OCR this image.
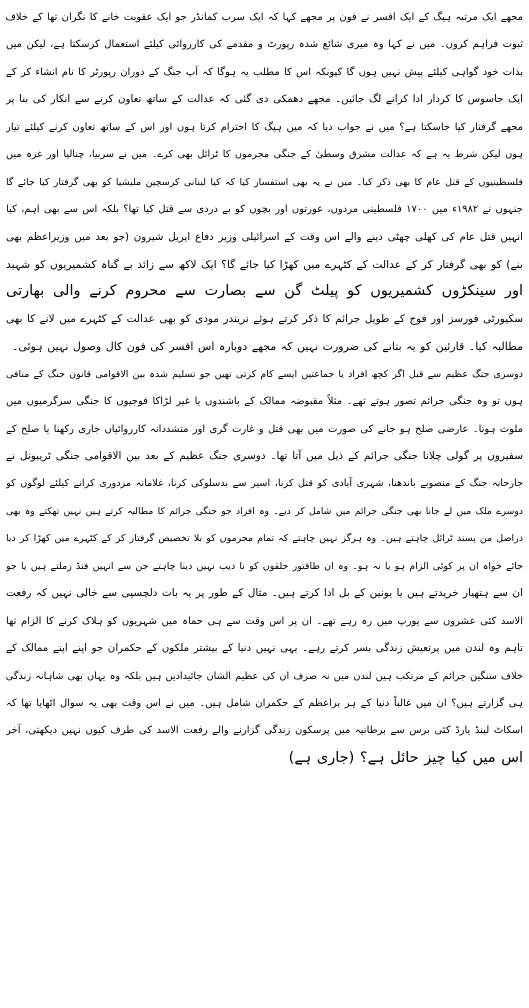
مجھے ایک مرتبہ ہیگ کے ایک افسر نے فون پر مجھے کہا کہ ایک سرب کمانڈر جو ایک عقوبت خانے کا نگران تھا کے خلاف
ثبوت فراہم کروں۔ میں نے کہا وہ میری شائع شدہ رپورٹ و مقدمے کی کارروائی کیلئے استعمال کرسکتا ہے، لیکن میں
بذات خود گواہی کیلئے پیش نہیں ہوں گا کیونکہ اس کا مطلب یہ ہوگا کہ آپ جنگ کے دوران رپورٹر کا نام انشاء کر کے
ایک جاسوس کا کردار ادا کرانے لگ جائیں۔ مجھے دھمکی دی گئی کہ عدالت کے ساتھ تعاون کرنے سے انکار کی بنا پر
مجھے گرفتار کیا جاسکتا ہے؟ میں نے جواب دیا کہ میں ہیگ کا احترام کرتا ہوں اور اس کے ساتھ تعاون کرنے کیلئے تیار
ہوں لیکن شرط یہ ہے کہ عدالت مشرق وسطیٰ کے جنگی مجرموں کا ٹرائل بھی کرے۔ میں نے سربیا، چنالیا اور غزہ میں
فلسطینیوں کے قتل عام کا بھی ذکر کیا۔ میں نے یہ بھی استفسار کیا کہ کیا لبنانی کرسچین ملیشیا کو بھی گرفتار کیا جائے گا
جنہوں نے ۱۹۸۲ء میں ۱۷۰۰ فلسطینی مردوں، عورتوں اور بچوں کو بے دردی سے قتل کیا تھا؟ بلکہ اس سے بھی اہم، کیا
انہیں قتل عام کی کھلی چھٹی دینے والے اس وقت کے اسرائیلی وزیر دفاع ایریل شیرون (جو بعد میں وزیراعظم بھی
بنے) کو بھی گرفتار کر کے عدالت کے کٹہرے میں کھڑا کیا جائے گا؟ ایک لاکھ سے زائد بے گناہ کشمیریوں کو شہید
اور سینکڑوں کشمیریوں کو پیلٹ گن سے بصارت سے محروم کرنے والی بھارتی
سکیورٹی فورسز اور فوج کے طویل جرائم کا ذکر کرتے ہوئے نریندر مودی کو بھی عدالت کے کٹہرے میں لانے کا بھی
مطالبہ کیا۔ قارئین کو یہ بتانے کی ضرورت نہیں کہ مجھے دوبارہ اس افسر کی فون کال وصول نہیں ہوئی۔
دوسری جنگ عظیم سے قبل اگر کچھ افراد یا جماعتیں ایسے کام کرتی تھیں جو تسلیم شدہ بین الاقوامی قانون جنگ کے منافی
ہوں تو وہ جنگی جرائم تصور ہوتے تھے۔ مثلاً مقبوضہ ممالک کے باشندوں یا غیر لڑاکا فوجیوں کا جنگی سرگرمیوں میں
ملوث ہونا۔ عارضی صلح ہو جانے کی صورت میں بھی قتل و غارت گری اور متشددانہ کارروائیاں جاری رکھنا یا صلح کے
سفیروں پر گولی چلانا جنگی جرائم کے ذیل میں آتا تھا۔ دوسری جنگ عظیم کے بعد بین الاقوامی جنگی ٹریبونل نے
جارحانہ جنگ کے منصوبے باندھنا، شہری آبادی کو قتل کرنا، اسیر سے بدسلوکی کرنا، غلامانہ مزدوری کرانے کیلئے لوگوں کو
دوسرے ملک میں لے جانا بھی جنگی جرائم میں شامل کر دیے۔ وہ افراد جو جنگی جرائم کا مطالبہ کرتے ہیں نہیں تھکتے وہ بھی
دراصل من پسند ٹرائل چاہتے ہیں۔ وہ ہرگز نہیں چاہتے کہ تمام مجرموں کو بلا تخصیص گرفتار کر کے کٹہرے میں کھڑا کر دیا
جائے خواہ ان پر کوئی الزام ہو یا نہ ہو۔ وہ ان طاقتور حلقوں کو نا دیب نہیں دینا چاہتے جن سے انہیں فنڈ زملتے ہیں یا جو
ان سے ہتھیار خریدتے ہیں یا یونین کے بل ادا کرتے ہیں۔ مثال کے طور پر یہ بات دلچسپی سے خالی نہیں کہ رفعت
الاسد کئی عشروں سے یورپ میں رہ رہے تھے۔ ان پر اس وقت سے ہی حماہ میں شہریوں کو ہلاک کرنے کا الزام تھا
تاہم وہ لندن میں پرتعیش زندگی بسر کرتے رہے۔ یہی نہیں دنیا کے بیشتر ملکوں کے حکمران جو اپنے اپنے ممالک کے
خلاف سنگین جرائم کے مرتکب ہیں لندن میں نہ صرف ان کی عظیم الشان جائیدادیں ہیں بلکہ وہ یہاں بھی شاہانہ زندگی
ہی گزارتے ہیں؟ ان میں غالباً دنیا کے ہر براعظم کے حکمران شامل ہیں۔ میں نے اس وقت بھی یہ سوال اٹھایا تھا کہ
اسکاٹ لینڈ یارڈ کئی برس سے برطانیہ میں پرسکون زندگی گزارنے والے رفعت الاسد کی طرف کیوں نہیں دیکھتی، آخر
اس میں کیا چیز حائل ہے؟ (جاری ہے)
